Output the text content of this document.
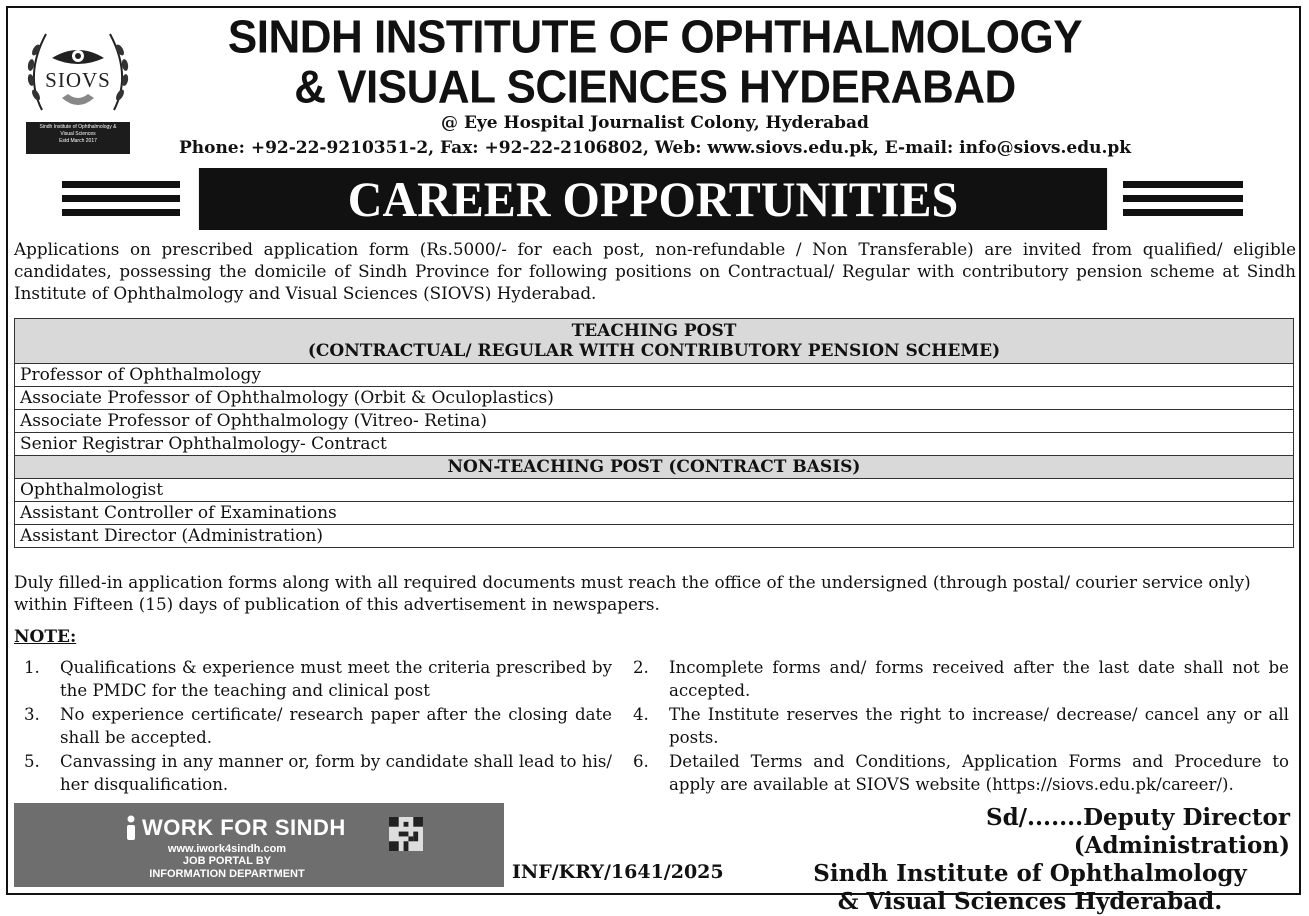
SIOVS
Sindh Institute of Ophthalmology &
Visual Sciences
Estd March 2017
SINDH INSTITUTE OF OPHTHALMOLOGY
& VISUAL SCIENCES HYDERABAD
@ Eye Hospital Journalist Colony, Hyderabad
Phone: +92-22-9210351-2, Fax: +92-22-2106802, Web: www.siovs.edu.pk, E-mail: info@siovs.edu.pk
CAREER OPPORTUNITIES
Applications on prescribed application form (Rs.5000/- for each post, non-refundable / Non Transferable) are invited from qualified/ eligible candidates, possessing the domicile of Sindh Province for following positions on Contractual/ Regular with contributory pension scheme at Sindh Institute of Ophthalmology and Visual Sciences (SIOVS) Hyderabad.
TEACHING POST
(CONTRACTUAL/ REGULAR WITH CONTRIBUTORY PENSION SCHEME)

Professor of Ophthalmology
Associate Professor of Ophthalmology (Orbit & Oculoplastics)
Associate Professor of Ophthalmology (Vitreo- Retina)
Senior Registrar Ophthalmology- Contract
NON-TEACHING POST (CONTRACT BASIS)
Ophthalmologist
Assistant Controller of Examinations
Assistant Director (Administration)
Duly filled-in application forms along with all required documents must reach the office of the undersigned (through postal/ courier service only) within Fifteen (15) days of publication of this advertisement in newspapers.
NOTE:
1.	Qualifications & experience must meet the criteria prescribed by the PMDC for the teaching and clinical post
3.	No experience certificate/ research paper after the closing date shall be accepted.
5.	Canvassing in any manner or, form by candidate shall lead to his/ her disqualification.
2.	Incomplete forms and/ forms received after the last date shall not be accepted.
4.	The Institute reserves the right to increase/ decrease/ cancel any or all posts.
6.	Detailed Terms and Conditions, Application Forms and Procedure to apply are available at SIOVS website (https://siovs.edu.pk/career/).
WORK FOR SINDH
www.iwork4sindh.com
JOB PORTAL BY
INFORMATION DEPARTMENT	INF/KRY/1641/2025
Sd/.......Deputy Director (Administration)
Sindh Institute of Ophthalmology
& Visual Sciences Hyderabad.
